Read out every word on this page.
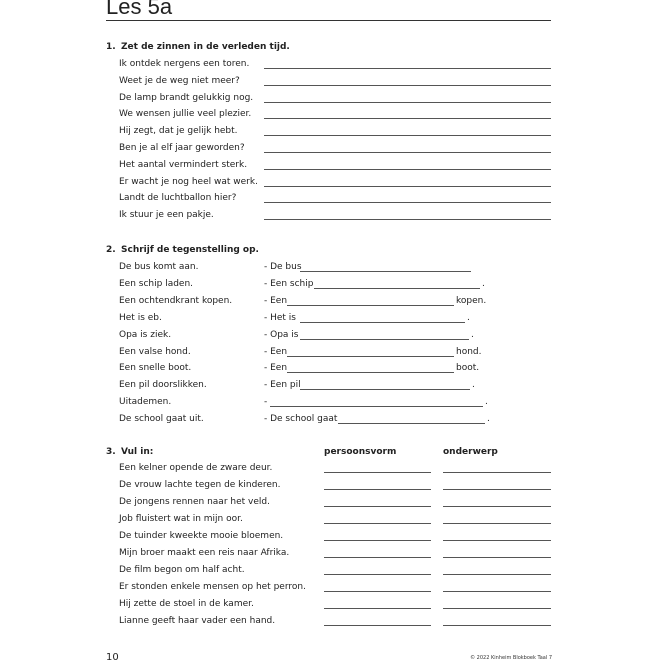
Les 5a
1. Zet de zinnen in de verleden tijd.
Ik ontdek nergens een toren.
Weet je de weg niet meer?
De lamp brandt gelukkig nog.
We wensen jullie veel plezier.
Hij zegt, dat je gelijk hebt.
Ben je al elf jaar geworden?
Het aantal vermindert sterk.
Er wacht je nog heel wat werk.
Landt de luchtballon hier?
Ik stuur je een pakje.
2. Schrijf de tegenstelling op.
De bus komt aan.	- De bus
Een schip laden.	- Een schip	.
Een ochtendkrant kopen.	- Een	kopen.
Het is eb.	- Het is	.
Opa is ziek.	- Opa is	.
Een valse hond.	- Een	hond.
Een snelle boot.	- Een	boot.
Een pil doorslikken.	- Een pil	.
Uitademen.	-	.
De school gaat uit.	- De school gaat	.
3. Vul in:	persoonsvorm	onderwerp
Een kelner opende de zware deur.
De vrouw lachte tegen de kinderen.
De jongens rennen naar het veld.
Job fluistert wat in mijn oor.
De tuinder kweekte mooie bloemen.
Mijn broer maakt een reis naar Afrika.
De film begon om half acht.
Er stonden enkele mensen op het perron.
Hij zette de stoel in de kamer.
Lianne geeft haar vader een hand.
10	© 2022 Kinheim Blokboek Taal 7
